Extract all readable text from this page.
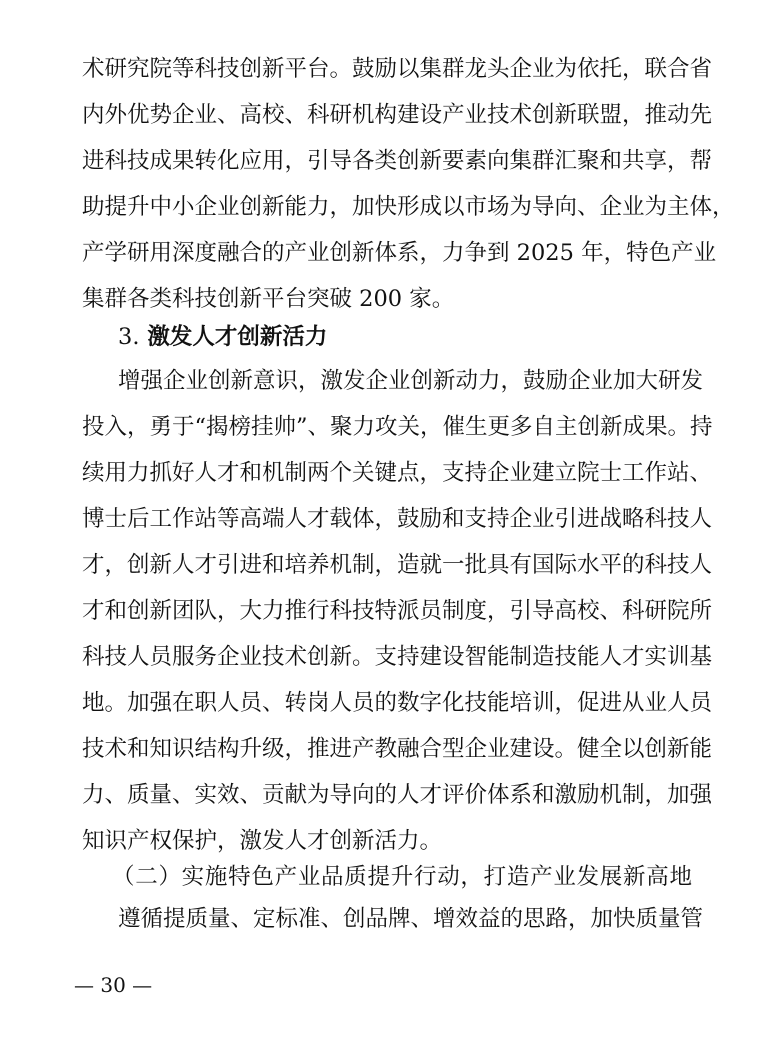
术研究院等科技创新平台。鼓励以集群龙头企业为依托，联合省
内外优势企业、高校、科研机构建设产业技术创新联盟，推动先
进科技成果转化应用，引导各类创新要素向集群汇聚和共享，帮
助提升中小企业创新能力，加快形成以市场为导向、企业为主体，
产学研用深度融合的产业创新体系，力争到 2025 年，特色产业
集群各类科技创新平台突破 200 家。
3. 激发人才创新活力
增强企业创新意识，激发企业创新动力，鼓励企业加大研发
投入，勇于“揭榜挂帅”、聚力攻关，催生更多自主创新成果。持
续用力抓好人才和机制两个关键点，支持企业建立院士工作站、
博士后工作站等高端人才载体，鼓励和支持企业引进战略科技人
才，创新人才引进和培养机制，造就一批具有国际水平的科技人
才和创新团队，大力推行科技特派员制度，引导高校、科研院所
科技人员服务企业技术创新。支持建设智能制造技能人才实训基
地。加强在职人员、转岗人员的数字化技能培训，促进从业人员
技术和知识结构升级，推进产教融合型企业建设。健全以创新能
力、质量、实效、贡献为导向的人才评价体系和激励机制，加强
知识产权保护，激发人才创新活力。
（二）实施特色产业品质提升行动，打造产业发展新高地
遵循提质量、定标准、创品牌、增效益的思路，加快质量管
— 30 —
